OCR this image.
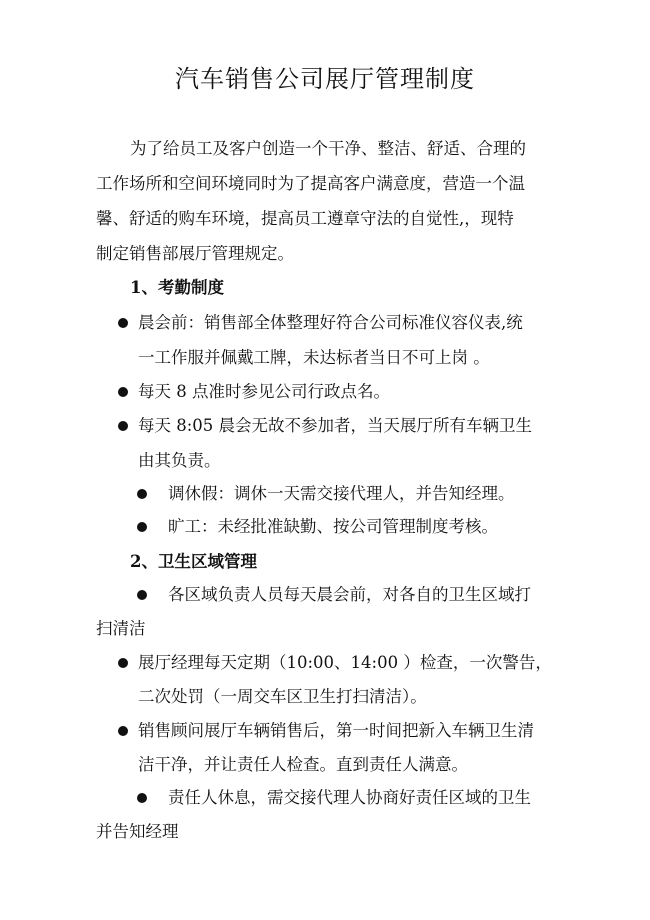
汽车销售公司展厅管理制度
为了给员工及客户创造一个干净、整洁、舒适、合理的
工作场所和空间环境同时为了提高客户满意度，营造一个温
馨、舒适的购车环境，提高员工遵章守法的自觉性,，现特
制定销售部展厅管理规定。
1、考勤制度
晨会前：销售部全体整理好符合公司标准仪容仪表,统
一工作服并佩戴工牌，未达标者当日不可上岗 。
每天 8 点准时参见公司行政点名。
每天 8:05 晨会无故不参加者，当天展厅所有车辆卫生
由其负责。
调休假：调休一天需交接代理人，并告知经理。
旷工：未经批准缺勤、按公司管理制度考核。
2、卫生区域管理
各区域负责人员每天晨会前，对各自的卫生区域打
扫清洁
展厅经理每天定期（10:00、14:00 ）检查，一次警告，
二次处罚（一周交车区卫生打扫清洁）。
销售顾问展厅车辆销售后，第一时间把新入车辆卫生清
洁干净，并让责任人检查。直到责任人满意。
责任人休息，需交接代理人协商好责任区域的卫生
并告知经理
